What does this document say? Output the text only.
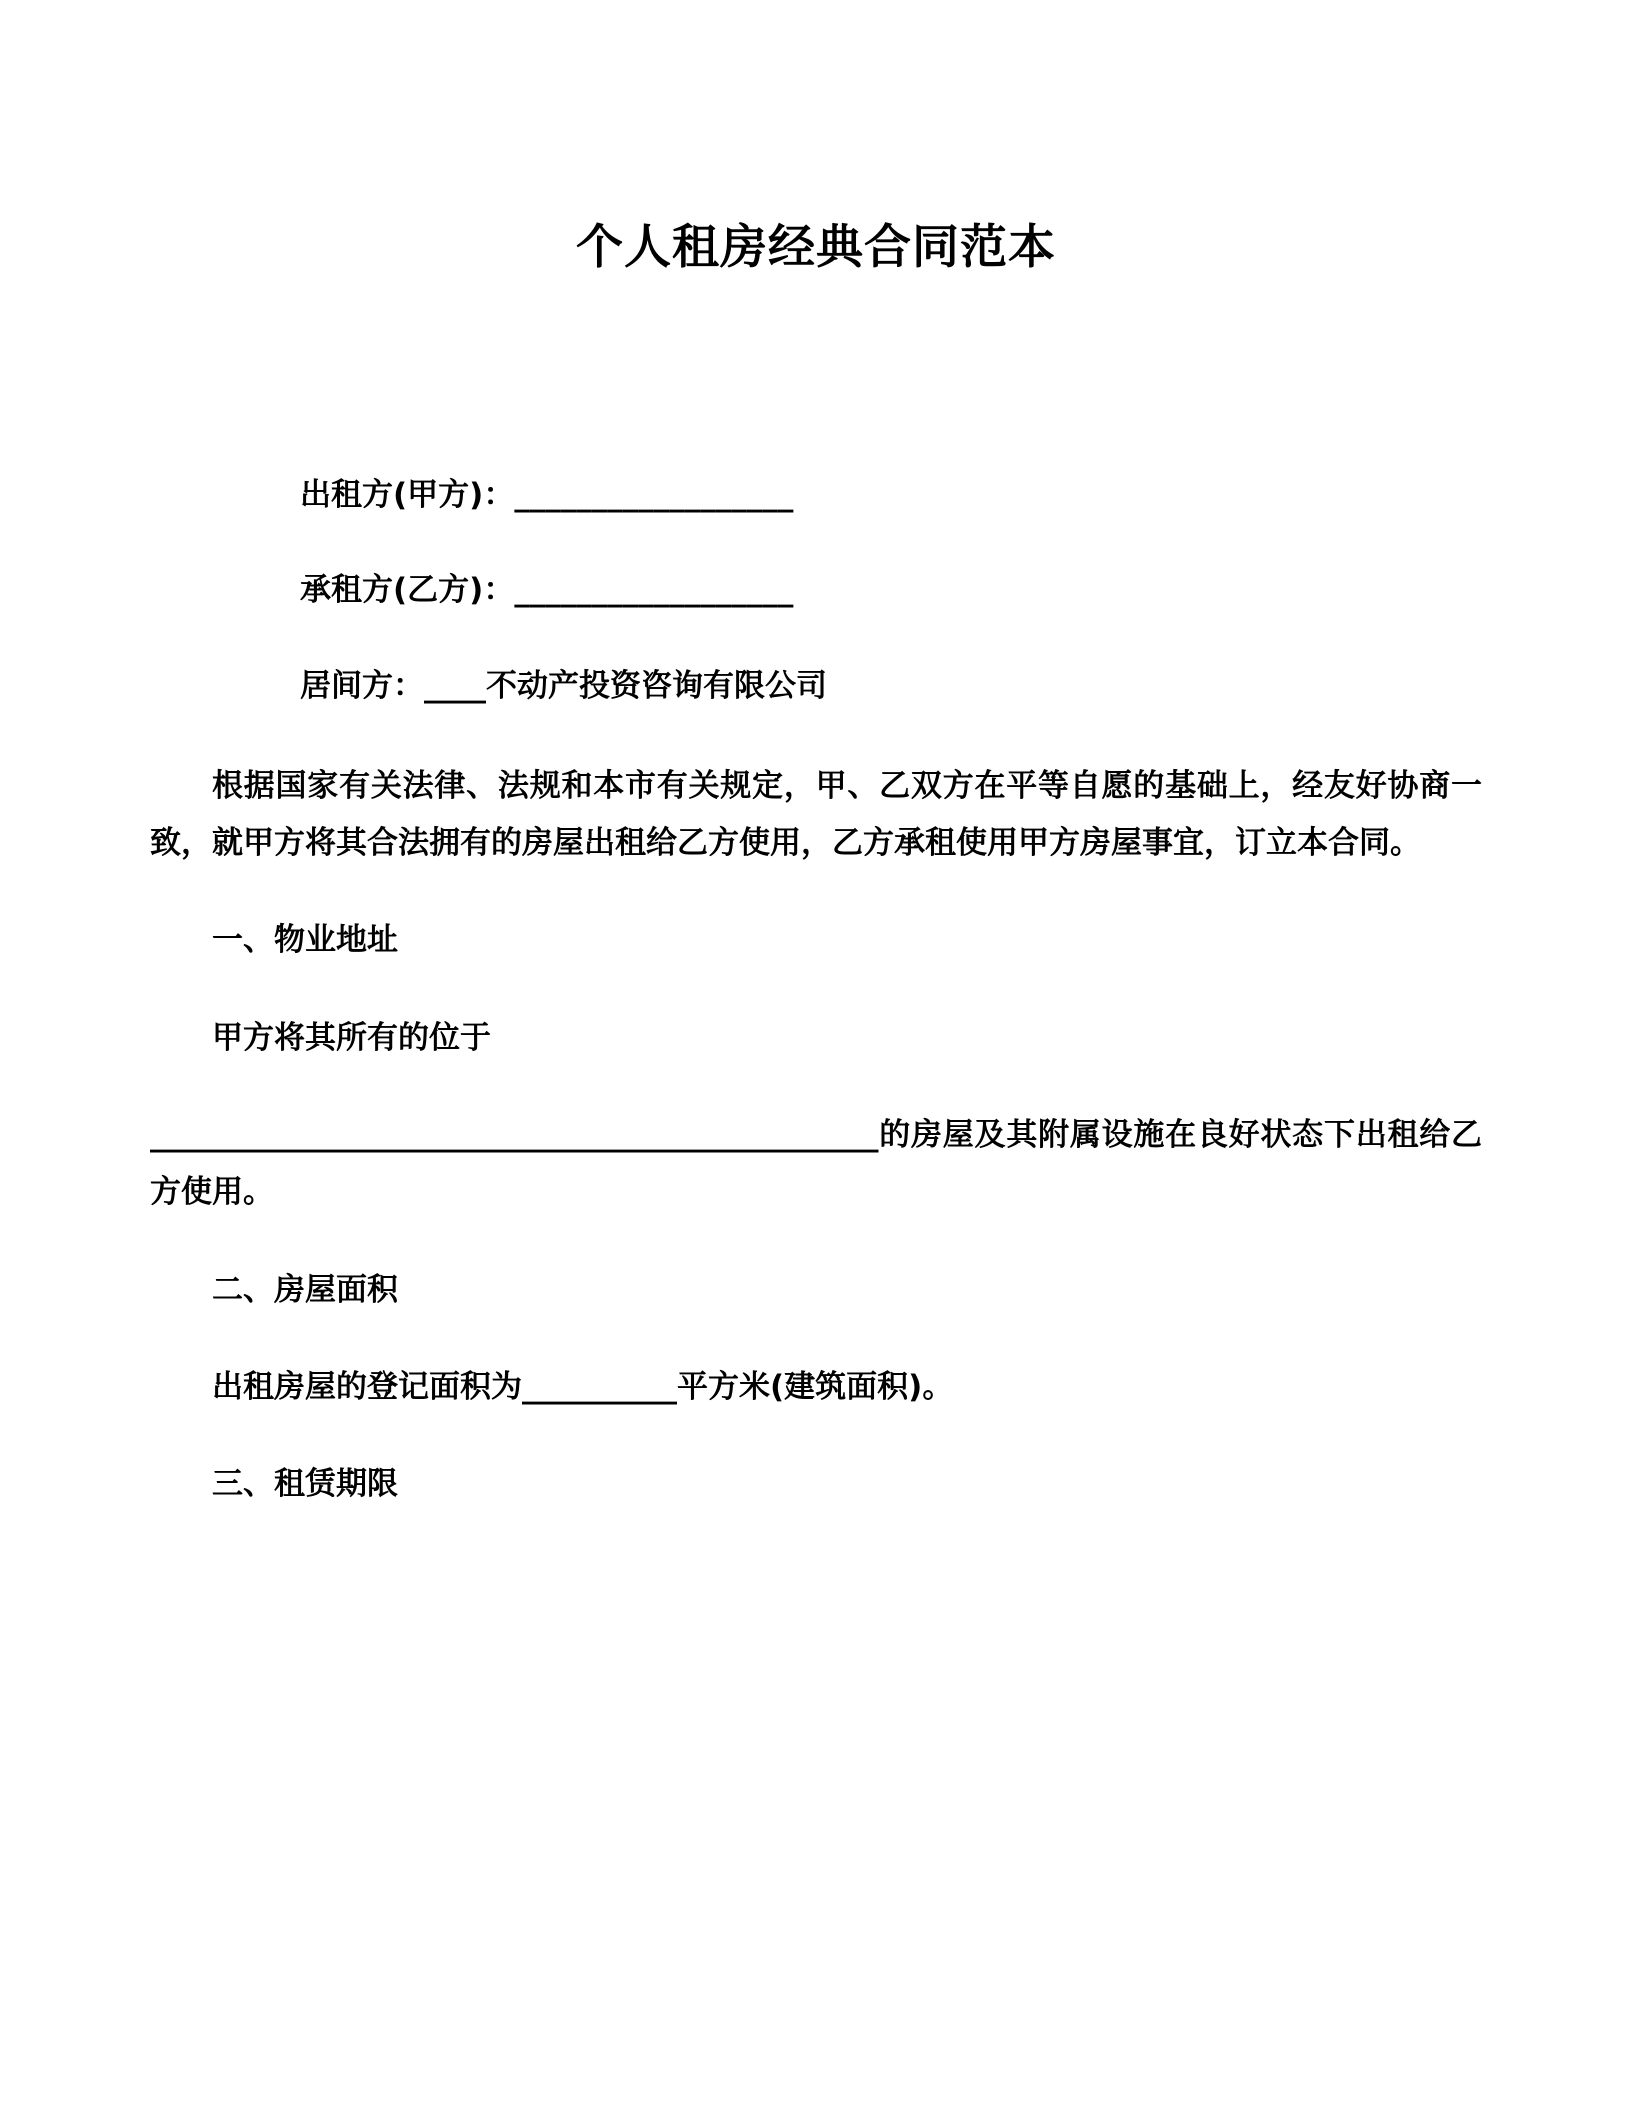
个人租房经典合同范本

出租方(甲方)：__________________

承租方(乙方)：__________________

居间方：____不动产投资咨询有限公司

根据国家有关法律、法规和本市有关规定，甲、乙双方在平等自愿的基础上，经友好协商一致，就甲方将其合法拥有的房屋出租给乙方使用，乙方承租使用甲方房屋事宜，订立本合同。

一、物业地址

甲方将其所有的位于

_______________________________________________的房屋及其附属设施在良好状态下出租给乙方使用。

二、房屋面积

出租房屋的登记面积为__________平方米(建筑面积)。

三、租赁期限
